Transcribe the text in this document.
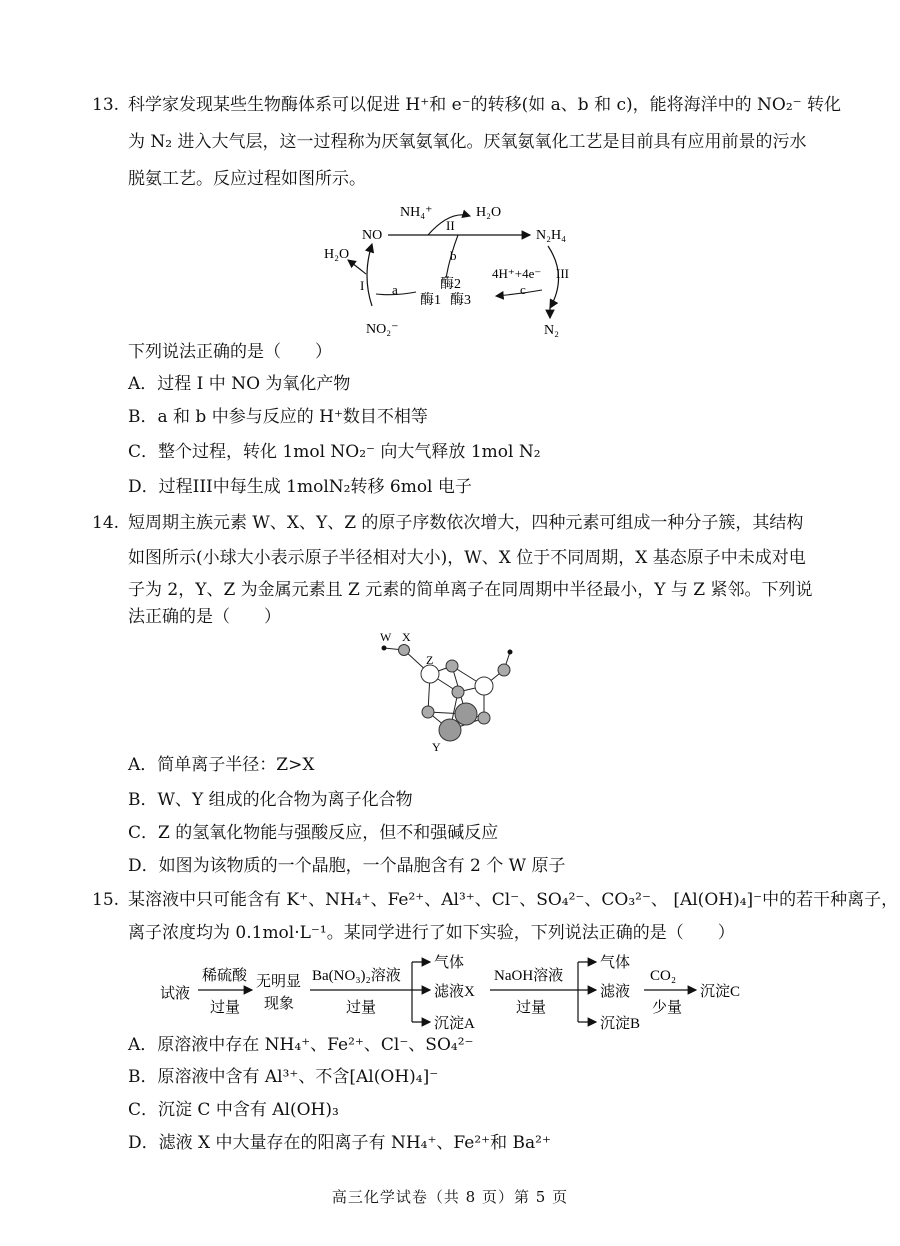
13. 科学家发现某些生物酶体系可以促进 H⁺和 e⁻的转移(如 a、b 和 c)，能将海洋中的 NO₂⁻ 转化
为 N₂ 进入大气层，这一过程称为厌氧氨氧化。厌氧氨氧化工艺是目前具有应用前景的污水
脱氨工艺。反应过程如图所示。
NH₄⁺	H₂O
NO	N₂H₄
II
b
酶2
H₂O
I a
酶1
NO₂⁻
III
4H⁺+4e⁻
c
酶3
N₂
下列说法正确的是（　　）
A．过程 I 中 NO 为氧化产物
B．a 和 b 中参与反应的 H⁺数目不相等
C．整个过程，转化 1mol NO₂⁻ 向大气释放 1mol N₂
D．过程III中每生成 1molN₂转移 6mol 电子
14. 短周期主族元素 W、X、Y、Z 的原子序数依次增大，四种元素可组成一种分子簇，其结构
如图所示(小球大小表示原子半径相对大小)，W、X 位于不同周期，X 基态原子中未成对电
子为 2，Y、Z 为金属元素且 Z 元素的简单离子在同周期中半径最小，Y 与 Z 紧邻。下列说
法正确的是（　　）
W X
Z
Y
A．简单离子半径：Z>X
B．W、Y 组成的化合物为离子化合物
C．Z 的氢氧化物能与强酸反应，但不和强碱反应
D．如图为该物质的一个晶胞，一个晶胞含有 2 个 W 原子
15. 某溶液中只可能含有 K⁺、NH₄⁺、Fe²⁺、Al³⁺、Cl⁻、SO₄²⁻、CO₃²⁻、 [Al(OH)₄]⁻中的若干种离子，
离子浓度均为 0.1mol·L⁻¹。某同学进行了如下实验，下列说法正确的是（　　）
试液
稀硫酸
过量
无明显
现象
Ba(NO₃)₂溶液
过量
气体
滤液X
沉淀A
NaOH溶液
过量
气体
滤液
沉淀B
CO₂
少量
沉淀C
A．原溶液中存在 NH₄⁺、Fe²⁺、Cl⁻、SO₄²⁻
B．原溶液中含有 Al³⁺、不含[Al(OH)₄]⁻
C．沉淀 C 中含有 Al(OH)₃
D．滤液 X 中大量存在的阳离子有 NH₄⁺、Fe²⁺和 Ba²⁺
高三化学试卷（共 8 页）第 5 页
